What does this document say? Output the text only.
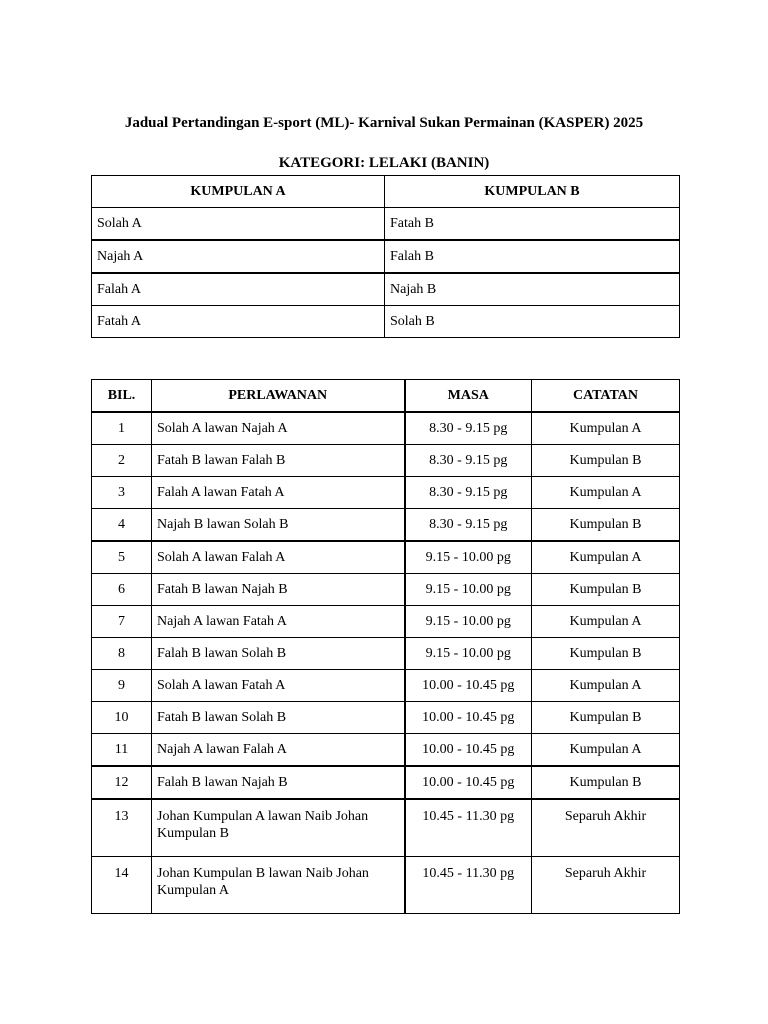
Jadual Pertandingan E-sport (ML)- Karnival Sukan Permainan (KASPER) 2025
KATEGORI: LELAKI (BANIN)
KUMPULAN A	KUMPULAN B
Solah A	Fatah B
Najah A	Falah B
Falah A	Najah B
Fatah A	Solah B
BIL.	PERLAWANAN	MASA	CATATAN
1	Solah A lawan Najah A	8.30 - 9.15 pg	Kumpulan A
2	Fatah B lawan Falah B	8.30 - 9.15 pg	Kumpulan B
3	Falah A lawan Fatah A	8.30 - 9.15 pg	Kumpulan A
4	Najah B lawan Solah B	8.30 - 9.15 pg	Kumpulan B
5	Solah A lawan Falah A	9.15 - 10.00 pg	Kumpulan A
6	Fatah B lawan Najah B	9.15 - 10.00 pg	Kumpulan B
7	Najah A lawan Fatah A	9.15 - 10.00 pg	Kumpulan A
8	Falah B lawan Solah B	9.15 - 10.00 pg	Kumpulan B
9	Solah A lawan Fatah A	10.00 - 10.45 pg	Kumpulan A
10	Fatah B lawan Solah B	10.00 - 10.45 pg	Kumpulan B
11	Najah A lawan Falah A	10.00 - 10.45 pg	Kumpulan A
12	Falah B lawan Najah B	10.00 - 10.45 pg	Kumpulan B
13	Johan Kumpulan A lawan Naib Johan Kumpulan B	10.45 - 11.30 pg	Separuh Akhir
14	Johan Kumpulan B lawan Naib Johan Kumpulan A	10.45 - 11.30 pg	Separuh Akhir
